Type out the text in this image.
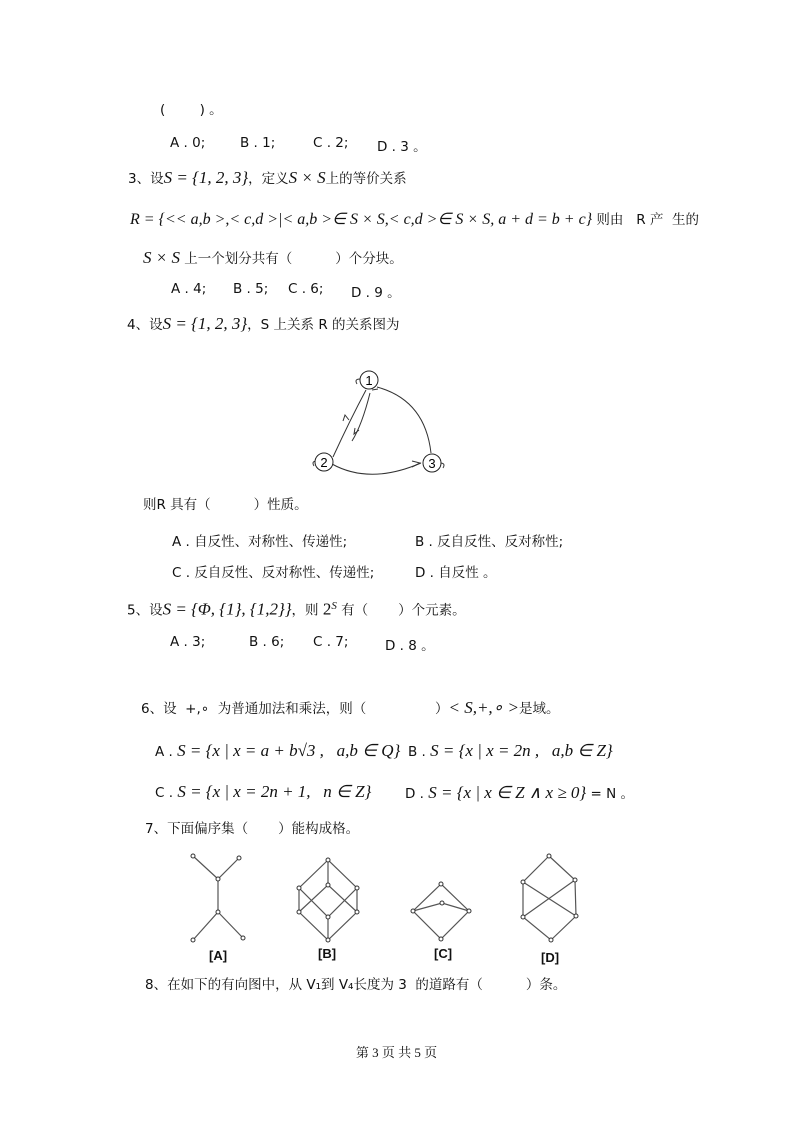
(        ) 。
A . 0;	B . 1;	C . 2; D . 3 。
3、设S = {1, 2, 3}，定义S × S上的等价关系
R = {<< a,b >,< c,d >|< a,b >∈ S × S,< c,d >∈ S × S, a + d = b + c} 则由   R 产  生的
S × S 上一个划分共有（          ）个分块。
A . 4; B . 5; C . 6; D . 9 。
4、设S = {1, 2, 3}，S 上关系 R 的关系图为
1
2	3
则R 具有（          ）性质。
A . 自反性、对称性、传递性;	B . 反自反性、反对称性;
C . 反自反性、反对称性、传递性;	D . 自反性 。
5、设S = {Φ, {1}, {1,2}}，则 $2^S$ 有（       ）个元素。
A . 3;	B . 6; C . 7;	D . 8 。
6、设  +,∘  为普通加法和乘法，则（                ）< S,+,∘ >是域。
A . S = {x | x = a + b√3 ,   a,b ∈ Q} B . S = {x | x = 2n ,   a,b ∈ Z}
C . S = {x | x = 2n + 1,   n ∈ Z} D . S = {x | x ∈ Z ∧ x ≥ 0} = N 。
7、下面偏序集（       ）能构成格。
[A]	[B]	[C]	[D]
8、在如下的有向图中，从 V₁到 V₄长度为 3  的道路有（          ）条。
第 3 页 共 5 页
